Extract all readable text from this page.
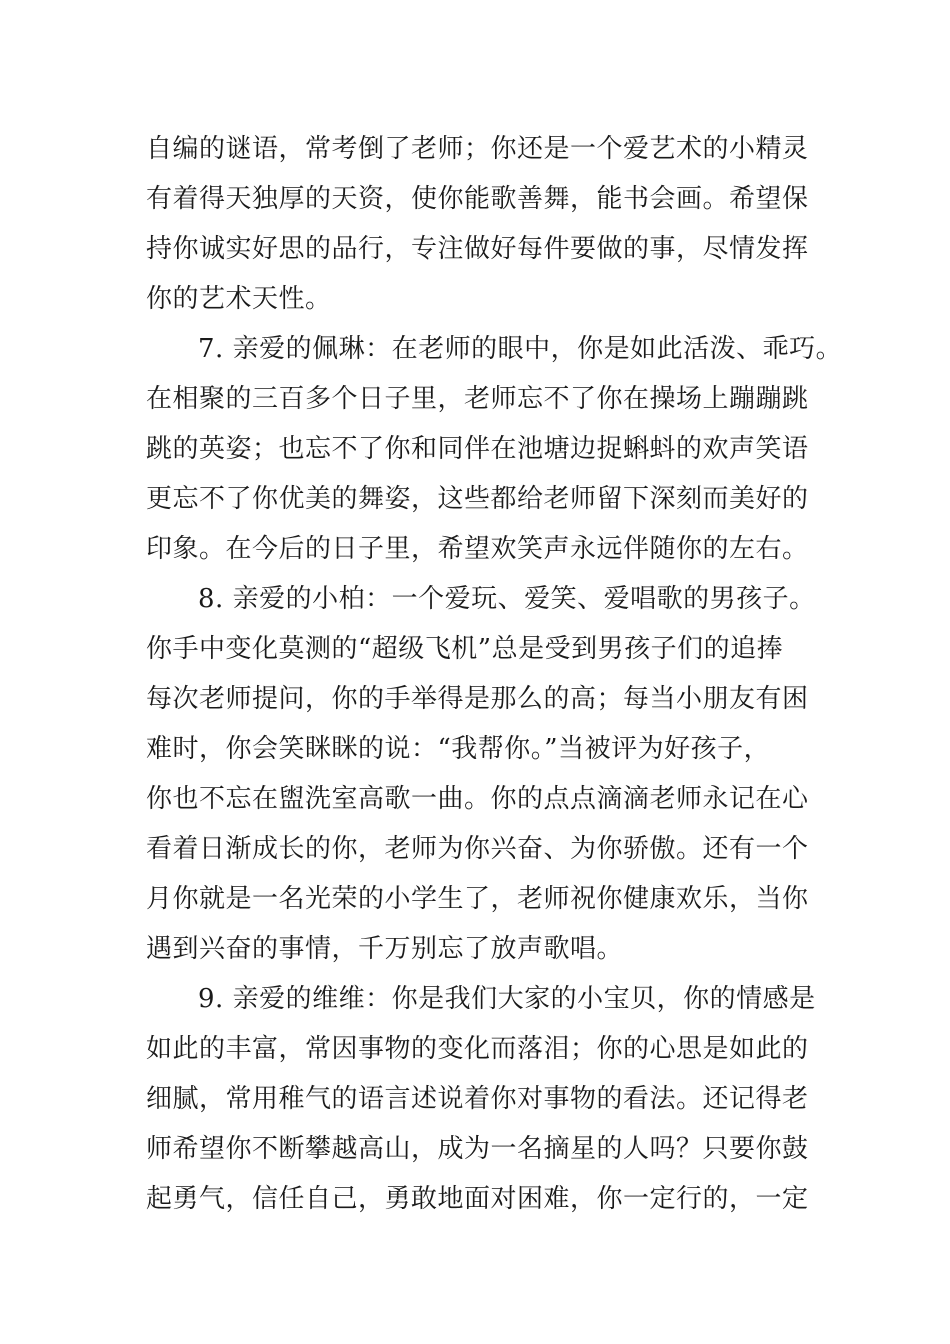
自编的谜语，常考倒了老师；你还是一个爱艺术的小精灵
有着得天独厚的天资，使你能歌善舞，能书会画。希望保
持你诚实好思的品行，专注做好每件要做的事，尽情发挥
你的艺术天性。
7. 亲爱的佩琳：在老师的眼中，你是如此活泼、乖巧。
在相聚的三百多个日子里，老师忘不了你在操场上蹦蹦跳
跳的英姿；也忘不了你和同伴在池塘边捉蝌蚪的欢声笑语
更忘不了你优美的舞姿，这些都给老师留下深刻而美好的
印象。在今后的日子里，希望欢笑声永远伴随你的左右。
8. 亲爱的小柏：一个爱玩、爱笑、爱唱歌的男孩子。
你手中变化莫测的“超级飞机”总是受到男孩子们的追捧
每次老师提问，你的手举得是那么的高；每当小朋友有困
难时，你会笑眯眯的说：“我帮你。”当被评为好孩子，
你也不忘在盥洗室高歌一曲。你的点点滴滴老师永记在心
看着日渐成长的你，老师为你兴奋、为你骄傲。还有一个
月你就是一名光荣的小学生了，老师祝你健康欢乐，当你
遇到兴奋的事情，千万别忘了放声歌唱。
9. 亲爱的维维：你是我们大家的小宝贝，你的情感是
如此的丰富，常因事物的变化而落泪；你的心思是如此的
细腻，常用稚气的语言述说着你对事物的看法。还记得老
师希望你不断攀越高山，成为一名摘星的人吗？只要你鼓
起勇气，信任自己，勇敢地面对困难，你一定行的，一定
